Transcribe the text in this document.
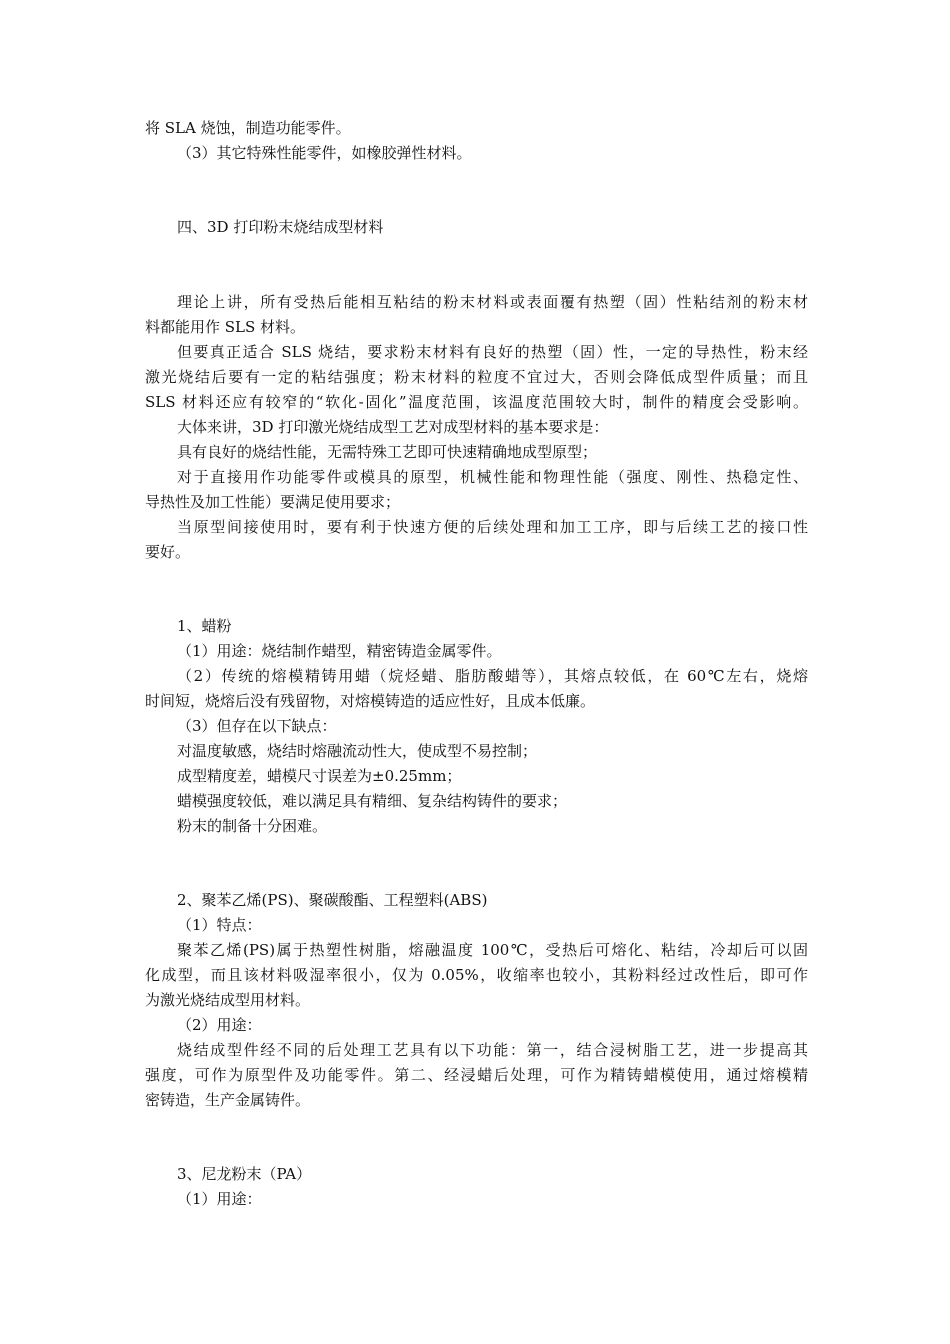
将 SLA 烧蚀，制造功能零件。

（3）其它特殊性能零件，如橡胶弹性材料。

四、3D 打印粉末烧结成型材料

理论上讲，所有受热后能相互粘结的粉末材料或表面覆有热塑（固）性粘结剂的粉末材

料都能用作 SLS 材料。

但要真正适合 SLS 烧结，要求粉末材料有良好的热塑（固）性，一定的导热性，粉末经

激光烧结后要有一定的粘结强度；粉末材料的粒度不宜过大，否则会降低成型件质量；而且

SLS 材料还应有较窄的“软化-固化”温度范围，该温度范围较大时，制件的精度会受影响。

大体来讲，3D 打印激光烧结成型工艺对成型材料的基本要求是：

具有良好的烧结性能，无需特殊工艺即可快速精确地成型原型；

对于直接用作功能零件或模具的原型，机械性能和物理性能（强度、刚性、热稳定性、

导热性及加工性能）要满足使用要求；

当原型间接使用时，要有利于快速方便的后续处理和加工工序，即与后续工艺的接口性

要好。

1、蜡粉

（1）用途：烧结制作蜡型，精密铸造金属零件。

（2）传统的熔模精铸用蜡（烷烃蜡、脂肪酸蜡等），其熔点较低，在 60℃左右，烧熔

时间短，烧熔后没有残留物，对熔模铸造的适应性好，且成本低廉。

（3）但存在以下缺点：

对温度敏感，烧结时熔融流动性大，使成型不易控制；

成型精度差，蜡模尺寸误差为±0.25mm；

蜡模强度较低，难以满足具有精细、复杂结构铸件的要求；

粉末的制备十分困难。

2、聚苯乙烯(PS)、聚碳酸酯、工程塑料(ABS)

（1）特点：

聚苯乙烯(PS)属于热塑性树脂，熔融温度 100℃，受热后可熔化、粘结，冷却后可以固

化成型，而且该材料吸湿率很小，仅为 0.05%，收缩率也较小，其粉料经过改性后，即可作

为激光烧结成型用材料。

（2）用途：

烧结成型件经不同的后处理工艺具有以下功能：第一，结合浸树脂工艺，进一步提高其

强度，可作为原型件及功能零件。第二、经浸蜡后处理，可作为精铸蜡模使用，通过熔模精

密铸造，生产金属铸件。

3、尼龙粉末（PA）

（1）用途：
